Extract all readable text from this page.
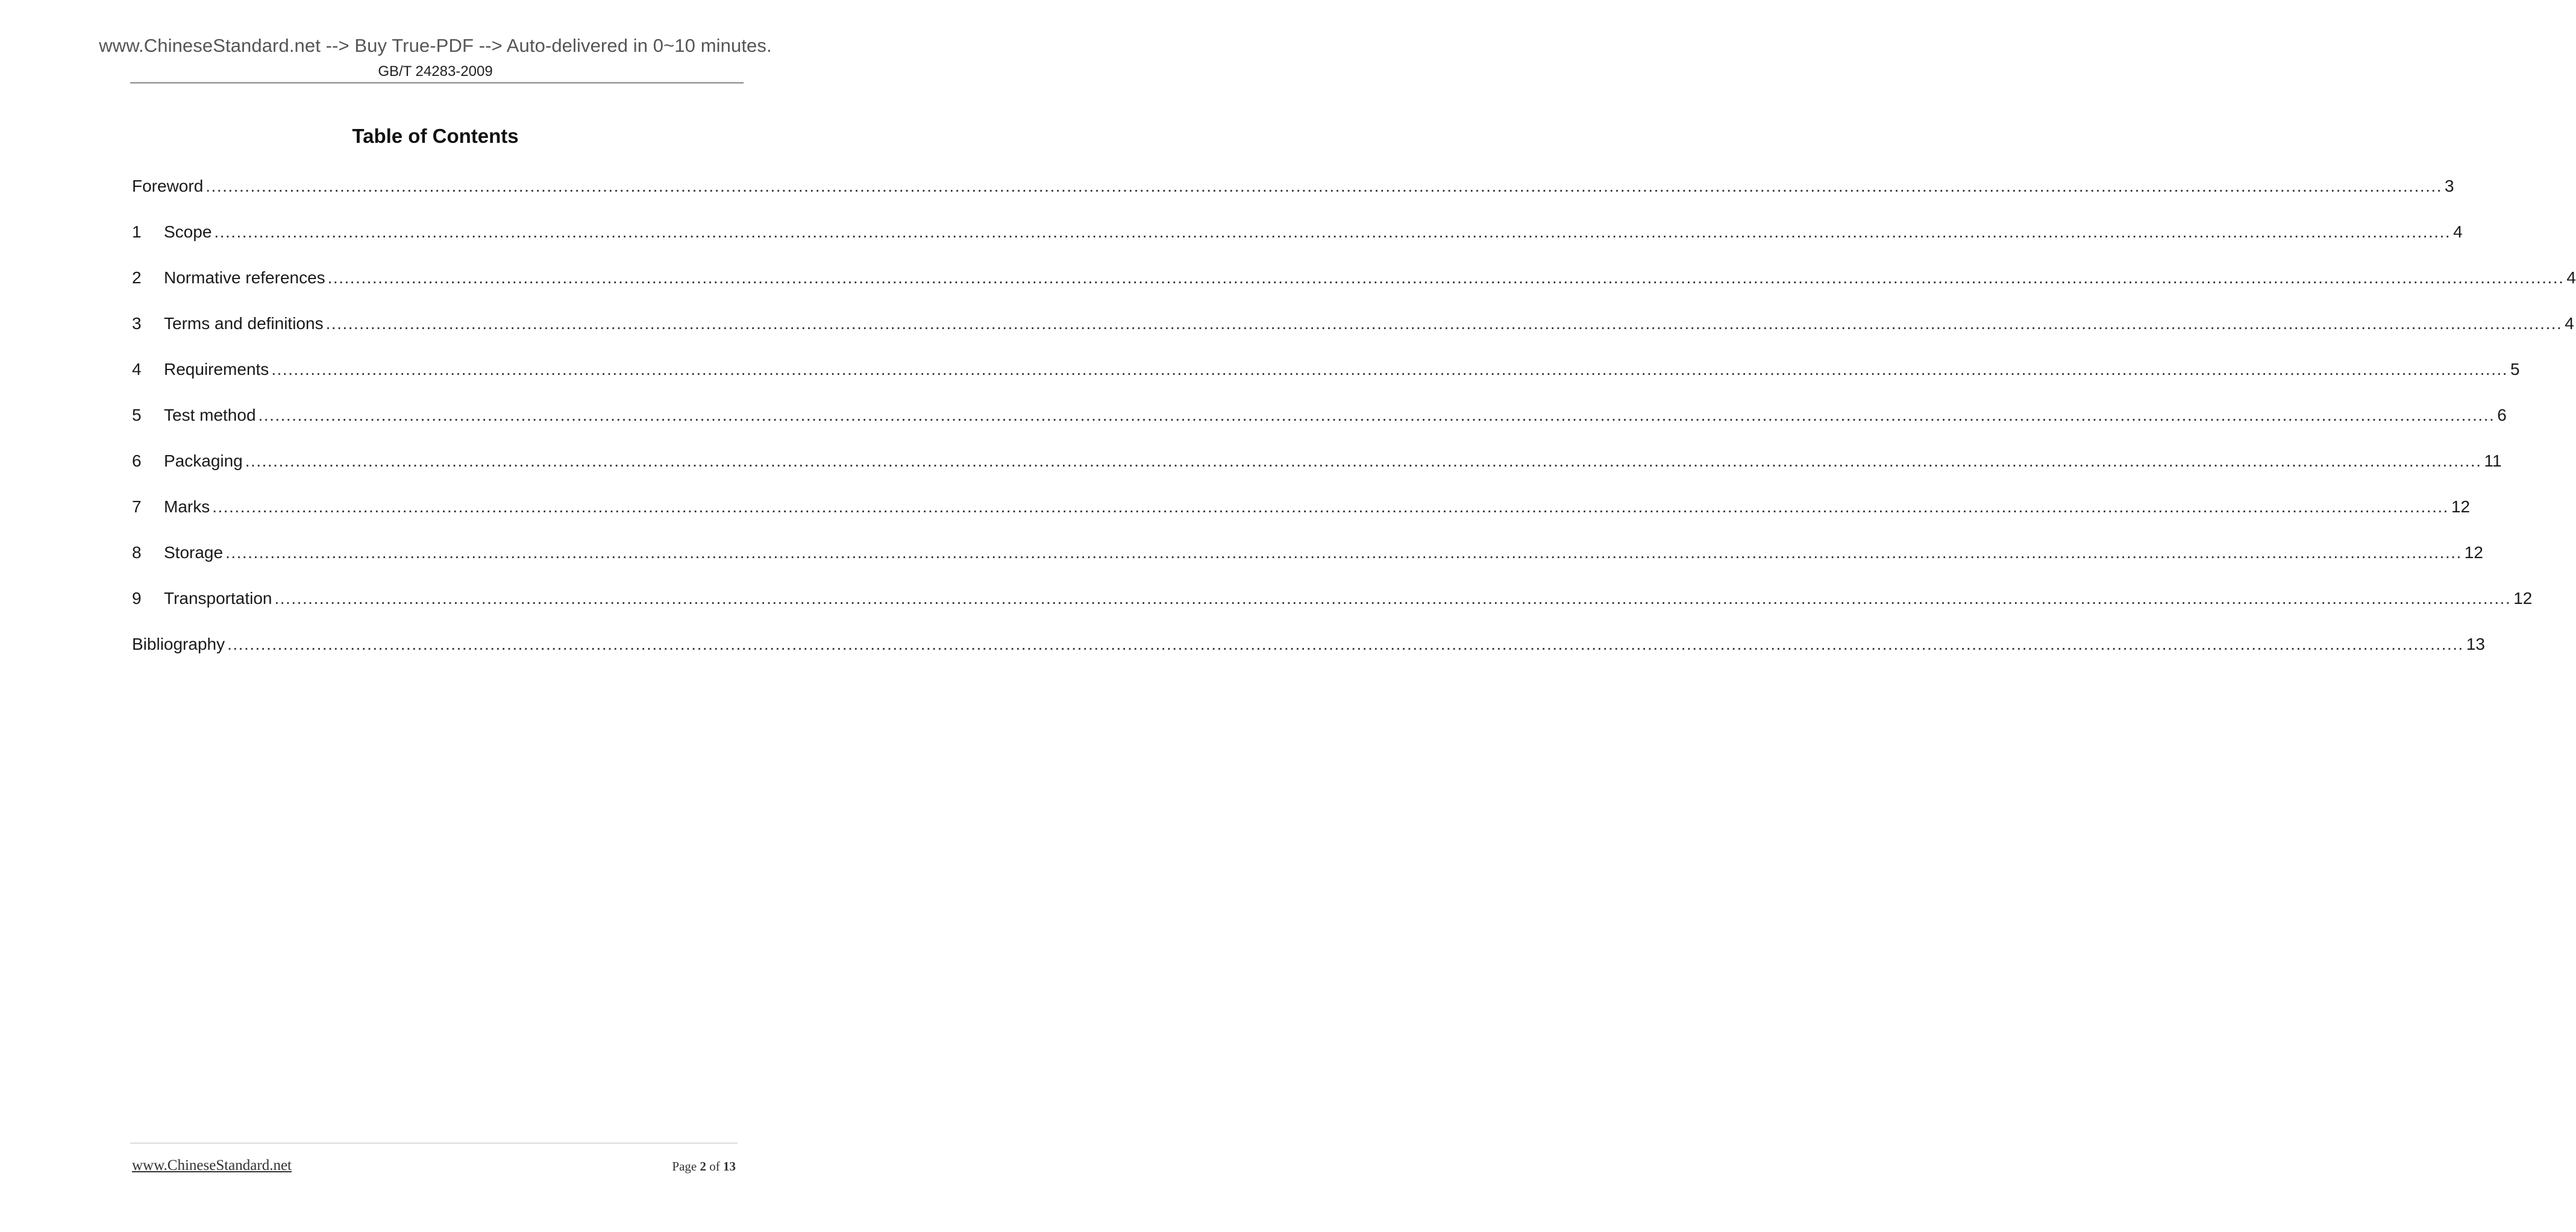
www.ChineseStandard.net --> Buy True-PDF --> Auto-delivered in 0~10 minutes.
GB/T 24283-2009
Table of Contents
Foreword ................................................................................................................................................................................................................................................................................................................................................................................................................ 3
1	Scope ................................................................................................................................................................................................................................................................................................................................................................................................................ 4
2	Normative references ................................................................................................................................................................................................................................................................................................................................................................................................................ 4
3	Terms and definitions ................................................................................................................................................................................................................................................................................................................................................................................................................ 4
4	Requirements ................................................................................................................................................................................................................................................................................................................................................................................................................ 5
5	Test method ................................................................................................................................................................................................................................................................................................................................................................................................................ 6
6	Packaging ................................................................................................................................................................................................................................................................................................................................................................................................................ 11
7	Marks ................................................................................................................................................................................................................................................................................................................................................................................................................ 12
8	Storage ................................................................................................................................................................................................................................................................................................................................................................................................................ 12
9	Transportation ................................................................................................................................................................................................................................................................................................................................................................................................................ 12
Bibliography ................................................................................................................................................................................................................................................................................................................................................................................................................ 13
www.ChineseStandard.net	Page 2 of 13
